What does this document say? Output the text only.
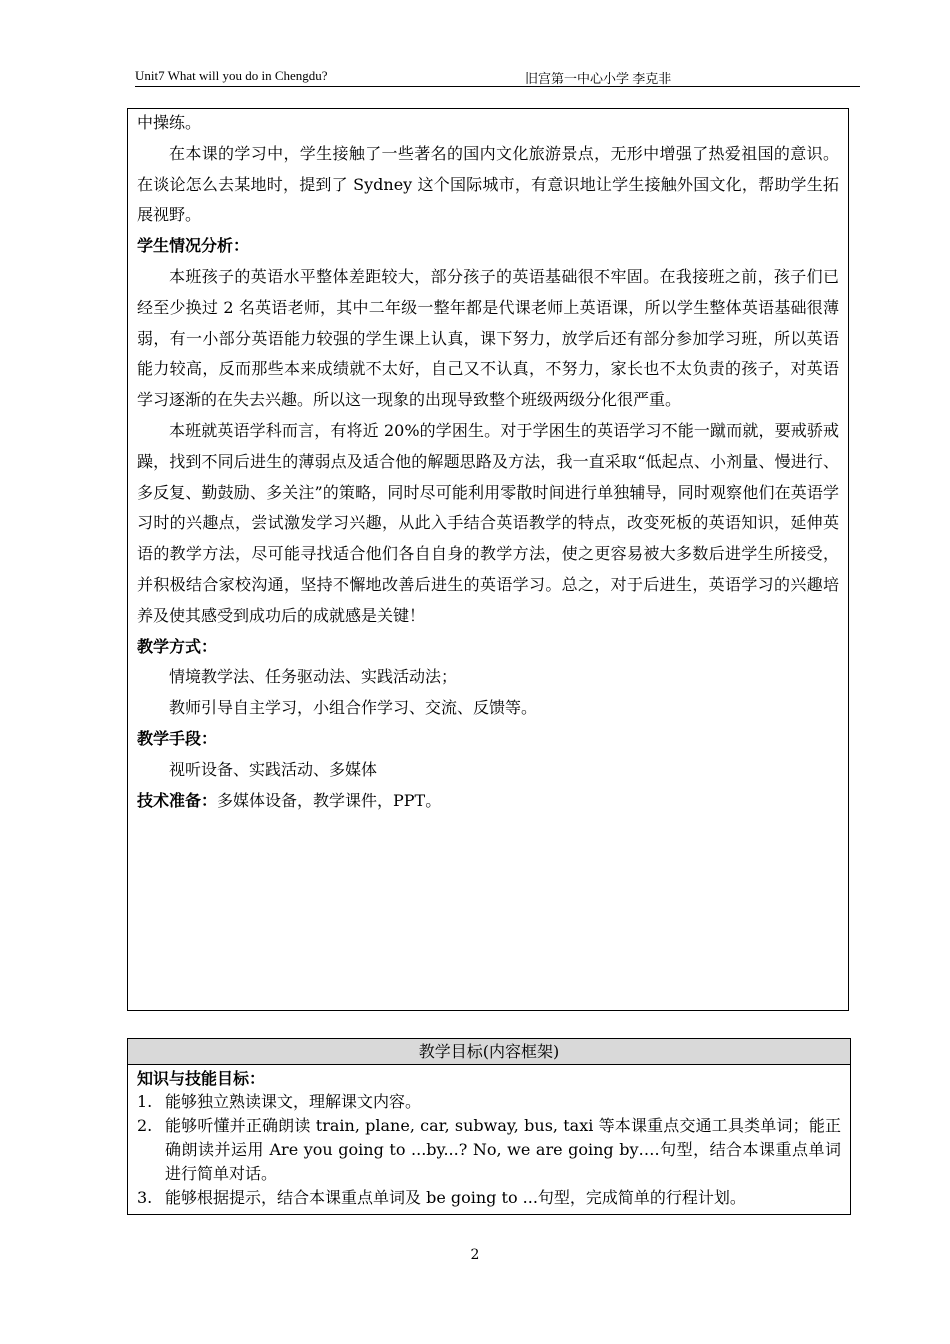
Unit7 What will you do in Chengdu?	旧宫第一中心小学 李克非

中操练。

在本课的学习中，学生接触了一些著名的国内文化旅游景点，无形中增强了热爱祖国的意识。在谈论怎么去某地时，提到了 Sydney 这个国际城市，有意识地让学生接触外国文化，帮助学生拓展视野。

学生情况分析：

本班孩子的英语水平整体差距较大，部分孩子的英语基础很不牢固。在我接班之前，孩子们已经至少换过 2 名英语老师，其中二年级一整年都是代课老师上英语课，所以学生整体英语基础很薄弱，有一小部分英语能力较强的学生课上认真，课下努力，放学后还有部分参加学习班，所以英语能力较高，反而那些本来成绩就不太好，自己又不认真，不努力，家长也不太负责的孩子，对英语学习逐渐的在失去兴趣。所以这一现象的出现导致整个班级两级分化很严重。

本班就英语学科而言，有将近 20%的学困生。对于学困生的英语学习不能一蹴而就，要戒骄戒躁，找到不同后进生的薄弱点及适合他的解题思路及方法，我一直采取“低起点、小剂量、慢进行、多反复、勤鼓励、多关注”的策略，同时尽可能利用零散时间进行单独辅导，同时观察他们在英语学习时的兴趣点，尝试激发学习兴趣，从此入手结合英语教学的特点，改变死板的英语知识，延伸英语的教学方法，尽可能寻找适合他们各自自身的教学方法，使之更容易被大多数后进学生所接受，并积极结合家校沟通，坚持不懈地改善后进生的英语学习。总之，对于后进生，英语学习的兴趣培养及使其感受到成功后的成就感是关键！

教学方式：

情境教学法、任务驱动法、实践活动法；

教师引导自主学习，小组合作学习、交流、反馈等。

教学手段：

视听设备、实践活动、多媒体

技术准备：多媒体设备，教学课件，PPT。

教学目标(内容框架)

知识与技能目标：

1. 能够独立熟读课文，理解课文内容。
2. 能够听懂并正确朗读 train, plane, car, subway, bus, taxi 等本课重点交通工具类单词；能正确朗读并运用 Are you going to ...by...? No, we are going by….句型，结合本课重点单词进行简单对话。
3. 能够根据提示，结合本课重点单词及 be going to ...句型，完成简单的行程计划。
2
